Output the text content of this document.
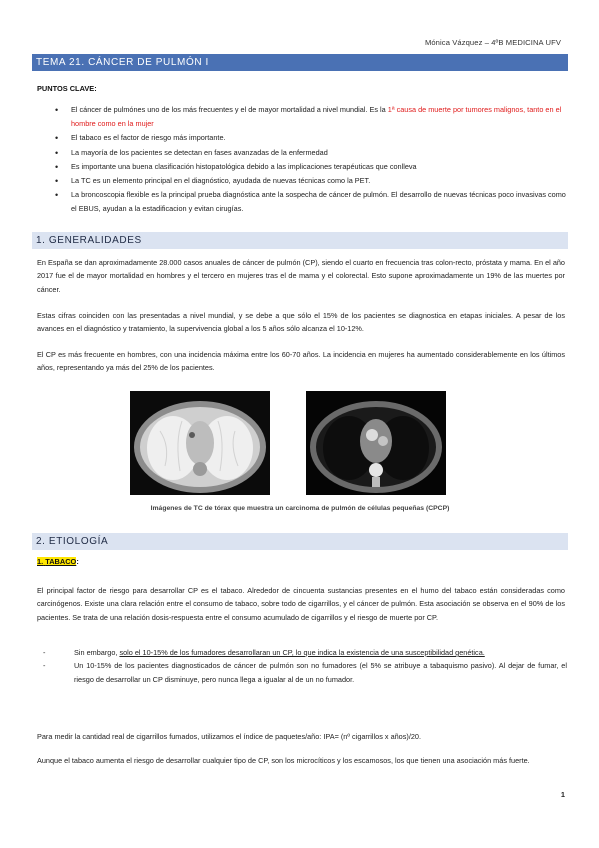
Mónica Vázquez – 4ºB MEDICINA UFV
TEMA 21. CÁNCER DE PULMÓN I
PUNTOS CLAVE:
• El cáncer de pulmónes uno de los más frecuentes y el de mayor mortalidad a nivel mundial. Es la 1ª causa de muerte por tumores malignos, tanto en el hombre como en la mujer
• El tabaco es el factor de riesgo más importante.
• La mayoría de los pacientes se detectan en fases avanzadas de la enfermedad
• Es importante una buena clasificación histopatológica debido a las implicaciones terapéuticas que conlleva
• La TC es un elemento principal en el diagnóstico, ayudada de nuevas técnicas como la PET.
• La broncoscopia flexible es la principal prueba diagnóstica ante la sospecha de cáncer de pulmón. El desarrollo de nuevas técnicas poco invasivas como el EBUS, ayudan a la estadificacion y evitan cirugías.
1. GENERALIDADES
En España se dan aproximadamente 28.000 casos anuales de cáncer de pulmón (CP), siendo el cuarto en frecuencia tras colon-recto, próstata y mama. En el año 2017 fue el de mayor mortalidad en hombres y el tercero en mujeres tras el de mama y el colorectal. Esto supone aproximadamente un 19% de las muertes por cáncer.
Estas cifras coinciden con las presentadas a nivel mundial, y se debe a que sólo el 15% de los pacientes se diagnostica en etapas iniciales. A pesar de los avances en el diagnóstico y tratamiento, la supervivencia global a los 5 años sólo alcanza el 10-12%.
El CP es más frecuente en hombres, con una incidencia máxima entre los 60-70 años. La incidencia en mujeres ha aumentado considerablemente en los últimos años, representando ya más del 25% de los pacientes.
Imágenes de TC de tórax que muestra un carcinoma de pulmón de células pequeñas (CPCP)
2. ETIOLOGÍA
1. TABACO:
El principal factor de riesgo para desarrollar CP es el tabaco. Alrededor de cincuenta sustancias presentes en el humo del tabaco están consideradas como carcinógenos. Existe una clara relación entre el consumo de tabaco, sobre todo de cigarrillos, y el cáncer de pulmón. Esta asociación se observa en el 90% de los pacientes. Se trata de una relación dosis-respuesta entre el consumo acumulado de cigarrillos y el riesgo de muerte por CP.
-	Sin embargo, solo el 10-15% de los fumadores desarrollaran un CP, lo que indica la existencia de una susceptibilidad genética.
-	Un 10-15% de los pacientes diagnosticados de cáncer de pulmón son no fumadores (el 5% se atribuye a tabaquismo pasivo). Al dejar de fumar, el riesgo de desarrollar un CP disminuye, pero nunca llega a igualar al de un no fumador.
Para medir la cantidad real de cigarrillos fumados, utilizamos el índice de paquetes/año: IPA= (nº cigarrillos x años)/20.
Aunque el tabaco aumenta el riesgo de desarrollar cualquier tipo de CP, son los microcíticos y los escamosos, los que tienen una asociación más fuerte.
1
